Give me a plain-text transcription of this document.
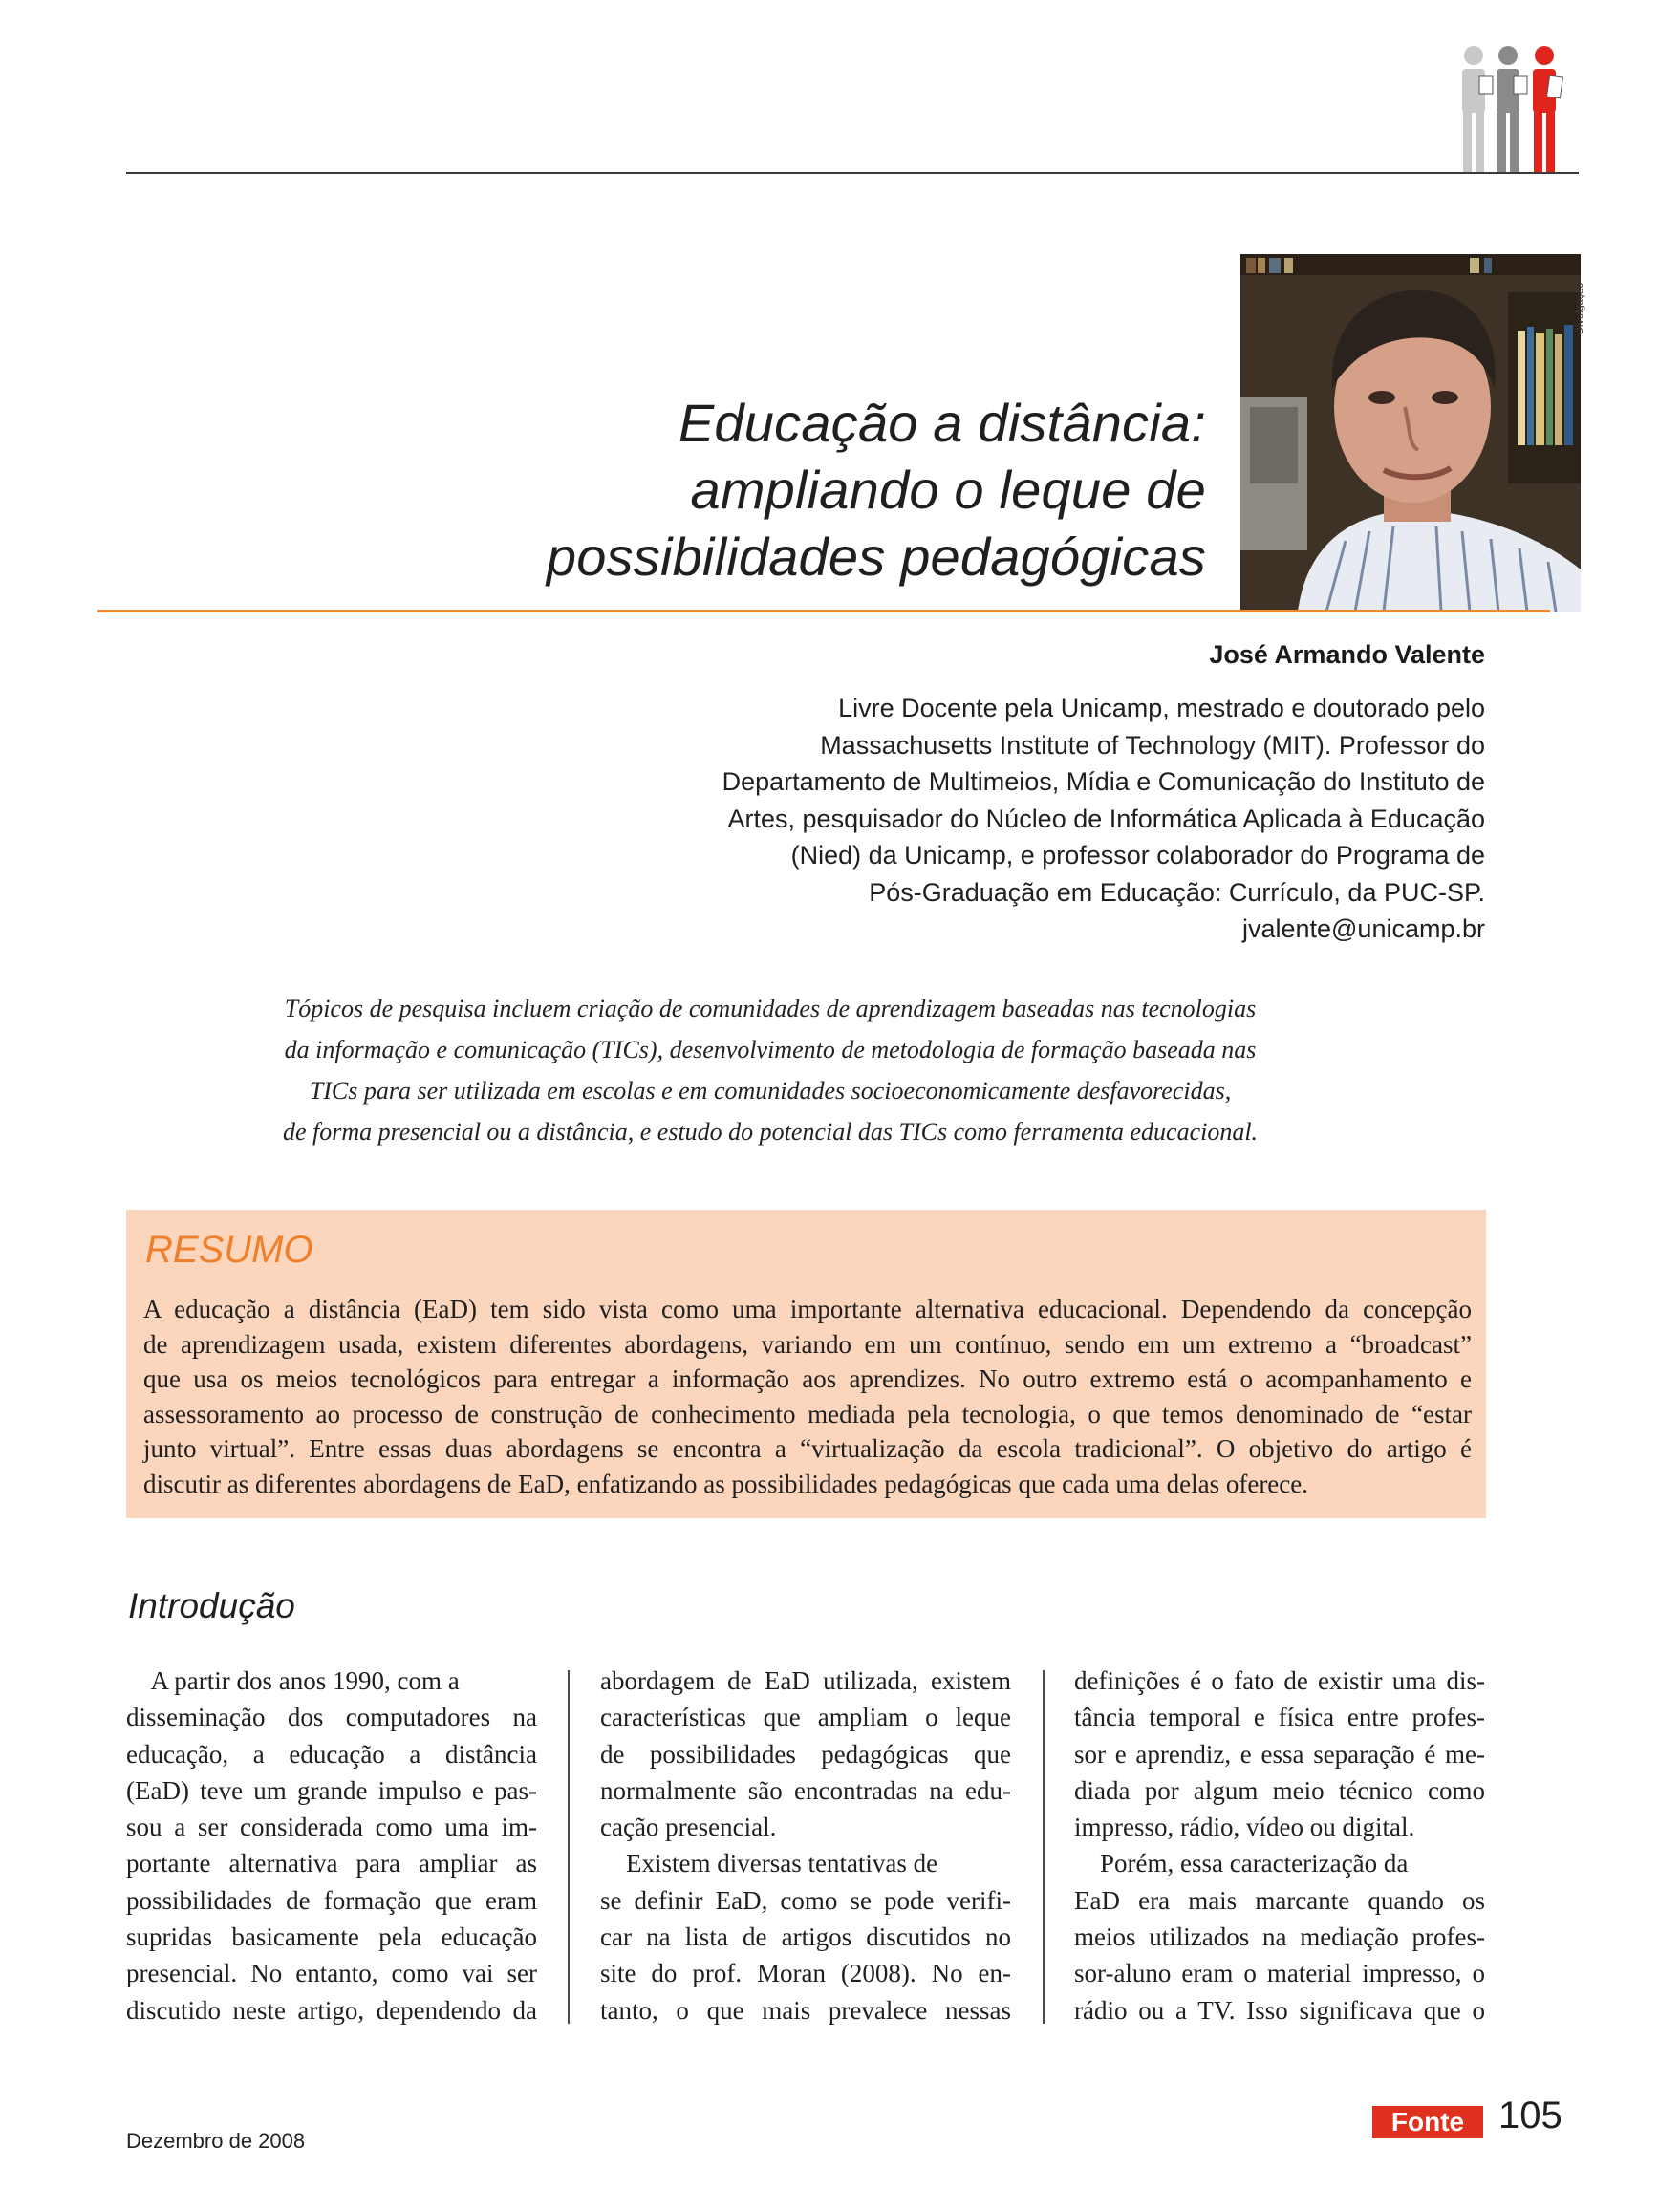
Divulgação
Educação a distância:
ampliando o leque de
possibilidades pedagógicas
José Armando Valente
Livre Docente pela Unicamp, mestrado e doutorado pelo
Massachusetts Institute of Technology (MIT). Professor do
Departamento de Multimeios, Mídia e Comunicação do Instituto de
Artes, pesquisador do Núcleo de Informática Aplicada à Educação
(Nied) da Unicamp, e professor colaborador do Programa de
Pós-Graduação em Educação: Currículo, da PUC-SP.
jvalente@unicamp.br
Tópicos de pesquisa incluem criação de comunidades de aprendizagem baseadas nas tecnologias
da informação e comunicação (TICs), desenvolvimento de metodologia de formação baseada nas
TICs para ser utilizada em escolas e em comunidades socioeconomicamente desfavorecidas,
de forma presencial ou a distância, e estudo do potencial das TICs como ferramenta educacional.
RESUMO
A educação a distância (EaD) tem sido vista como uma importante alternativa educacional. Dependendo da concepção
de aprendizagem usada, existem diferentes abordagens, variando em um contínuo, sendo em um extremo a “broadcast”
que usa os meios tecnológicos para entregar a informação aos aprendizes. No outro extremo está o acompanhamento e
assessoramento ao processo de construção de conhecimento mediada pela tecnologia, o que temos denominado de “estar
junto virtual”. Entre essas duas abordagens se encontra a “virtualização da escola tradicional”. O objetivo do artigo é
discutir as diferentes abordagens de EaD, enfatizando as possibilidades pedagógicas que cada uma delas oferece.
Introdução
A partir dos anos 1990, com a
disseminação dos computadores na
educação, a educação a distância
(EaD) teve um grande impulso e pas-
sou a ser considerada como uma im-
portante alternativa para ampliar as
possibilidades de formação que eram
supridas basicamente pela educação
presencial. No entanto, como vai ser
discutido neste artigo, dependendo da
abordagem de EaD utilizada, existem
características que ampliam o leque
de possibilidades pedagógicas que
normalmente são encontradas na edu-
cação presencial.
Existem diversas tentativas de
se definir EaD, como se pode verifi-
car na lista de artigos discutidos no
site do prof. Moran (2008). No en-
tanto, o que mais prevalece nessas
definições é o fato de existir uma dis-
tância temporal e física entre profes-
sor e aprendiz, e essa separação é me-
diada por algum meio técnico como
impresso, rádio, vídeo ou digital.
Porém, essa caracterização da
EaD era mais marcante quando os
meios utilizados na mediação profes-
sor-aluno eram o material impresso, o
rádio ou a TV. Isso significava que o
Dezembro de 2008
Fonte 105
